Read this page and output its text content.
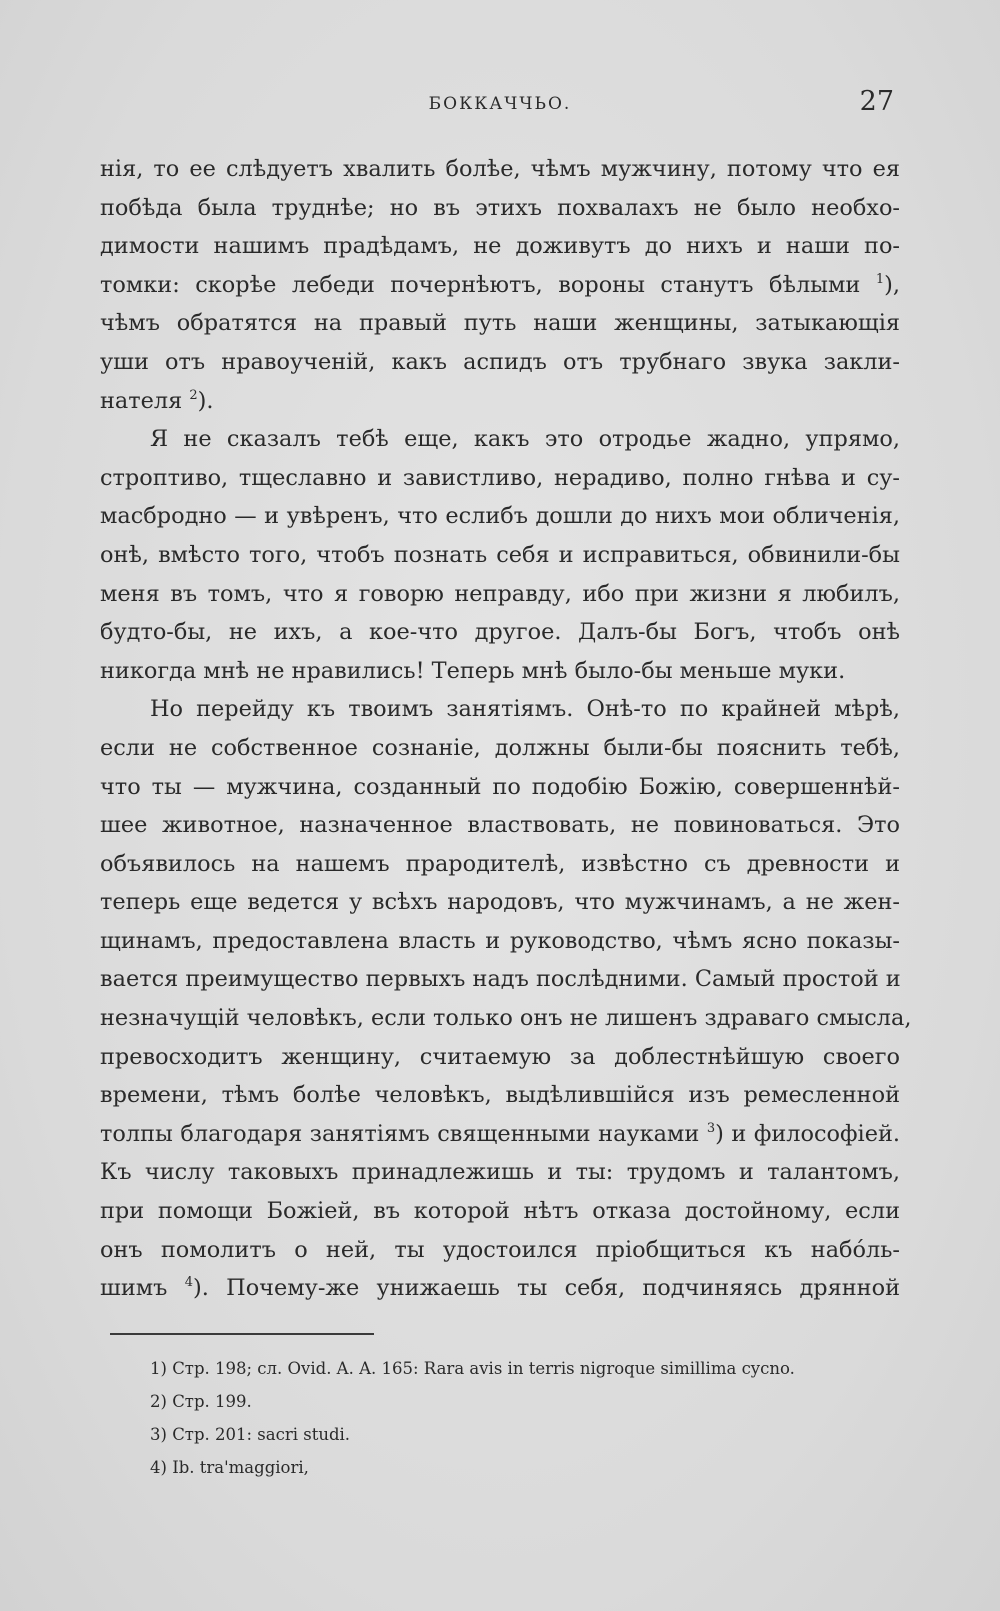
БОККАЧЧЬО.	27
нія, то ее слѣдуетъ хвалить болѣе, чѣмъ мужчину, потому что ея
побѣда была труднѣе; но въ этихъ похвалахъ не было необхо-
димости нашимъ прадѣдамъ, не доживутъ до нихъ и наши по-
томки: скорѣе лебеди почернѣютъ, вороны станутъ бѣлыми $^1$),
чѣмъ обратятся на правый путь наши женщины, затыкающія
уши отъ нравоученій, какъ аспидъ отъ трубнаго звука закли-
нателя $^2$).
Я не сказалъ тебѣ еще, какъ это отродье жадно, упрямо,
строптиво, тщеславно и завистливо, нерадиво, полно гнѣва и су-
масбродно — и увѣренъ, что еслибъ дошли до нихъ мои обличенія,
онѣ, вмѣсто того, чтобъ познать себя и исправиться, обвинили-бы
меня въ томъ, что я говорю неправду, ибо при жизни я любилъ,
будто-бы, не ихъ, а кое-что другое. Далъ-бы Богъ, чтобъ онѣ
никогда мнѣ не нравились! Теперь мнѣ было-бы меньше муки.
Но перейду къ твоимъ занятіямъ. Онѣ-то по крайней мѣрѣ,
если не собственное сознаніе, должны были-бы пояснить тебѣ,
что ты — мужчина, созданный по подобію Божію, совершеннѣй-
шее животное, назначенное властвовать, не повиноваться. Это
объявилось на нашемъ прародителѣ, извѣстно съ древности и
теперь еще ведется у всѣхъ народовъ, что мужчинамъ, а не жен-
щинамъ, предоставлена власть и руководство, чѣмъ ясно показы-
вается преимущество первыхъ надъ послѣдними. Самый простой и
незначущій человѣкъ, если только онъ не лишенъ здраваго смысла,
превосходитъ женщину, считаемую за доблестнѣйшую своего
времени, тѣмъ болѣе человѣкъ, выдѣлившійся изъ ремесленной
толпы благодаря занятіямъ священными науками $^3$) и философіей.
Къ числу таковыхъ принадлежишь и ты: трудомъ и талантомъ,
при помощи Божіей, въ которой нѣтъ отказа достойному, если
онъ помолитъ о ней, ты удостоился пріобщиться къ набóль-
шимъ $^4$). Почему-же унижаешь ты себя, подчиняясь дрянной
1) Стр. 198; сл. Ovid. A. A. 165: Rara avis in terris nigroque simillima cycno.
2) Стр. 199.
3) Стр. 201: sacri studi.
4) Ib. tra'maggiori,
